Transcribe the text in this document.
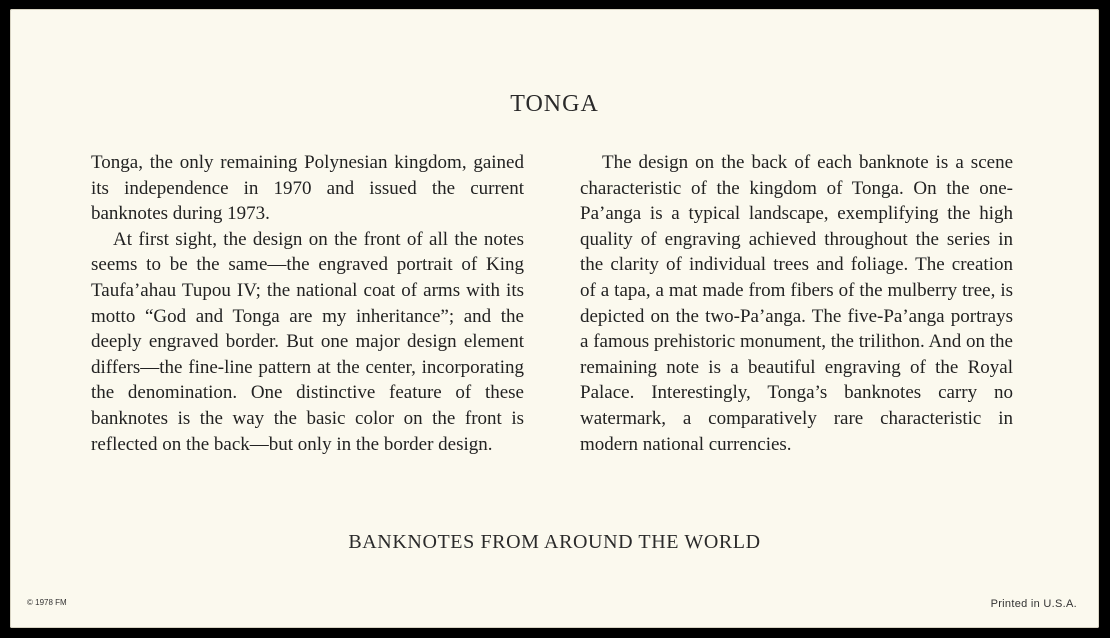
TONGA

Tonga, the only remaining Polynesian kingdom, gained its independence in 1970 and issued the current banknotes during 1973.

At first sight, the design on the front of all the notes seems to be the same—the engraved portrait of King Taufa’ahau Tupou IV; the national coat of arms with its motto “God and Tonga are my inheritance”; and the deeply engraved border. But one major design element differs—the fine-line pattern at the center, incorporating the denomination. One distinctive feature of these banknotes is the way the basic color on the front is reflected on the back—but only in the border design.

The design on the back of each banknote is a scene characteristic of the kingdom of Tonga. On the one-Pa’anga is a typical landscape, exemplifying the high quality of engraving achieved throughout the series in the clarity of individual trees and foliage. The creation of a tapa, a mat made from fibers of the mulberry tree, is depicted on the two-Pa’anga. The five-Pa’anga portrays a famous prehistoric monument, the trilithon. And on the remaining note is a beautiful engraving of the Royal Palace. Interestingly, Tonga’s banknotes carry no watermark, a comparatively rare characteristic in modern national currencies.

BANKNOTES FROM AROUND THE WORLD
© 1978 FM	Printed in U.S.A.
